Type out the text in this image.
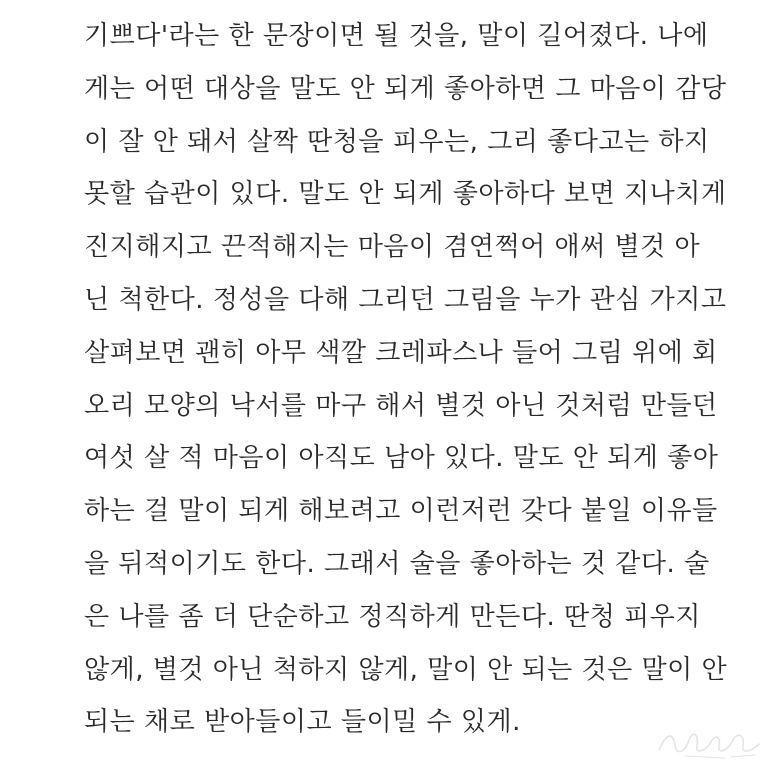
기쁘다'라는 한 문장이면 될 것을, 말이 길어졌다. 나에
게는 어떤 대상을 말도 안 되게 좋아하면 그 마음이 감당
이 잘 안 돼서 살짝 딴청을 피우는, 그리 좋다고는 하지
못할 습관이 있다. 말도 안 되게 좋아하다 보면 지나치게
진지해지고 끈적해지는 마음이 겸연쩍어 애써 별것 아
닌 척한다. 정성을 다해 그리던 그림을 누가 관심 가지고
살펴보면 괜히 아무 색깔 크레파스나 들어 그림 위에 회
오리 모양의 낙서를 마구 해서 별것 아닌 것처럼 만들던
여섯 살 적 마음이 아직도 남아 있다. 말도 안 되게 좋아
하는 걸 말이 되게 해보려고 이런저런 갖다 붙일 이유들
을 뒤적이기도 한다. 그래서 술을 좋아하는 것 같다. 술
은 나를 좀 더 단순하고 정직하게 만든다. 딴청 피우지
않게, 별것 아닌 척하지 않게, 말이 안 되는 것은 말이 안
되는 채로 받아들이고 들이밀 수 있게.
